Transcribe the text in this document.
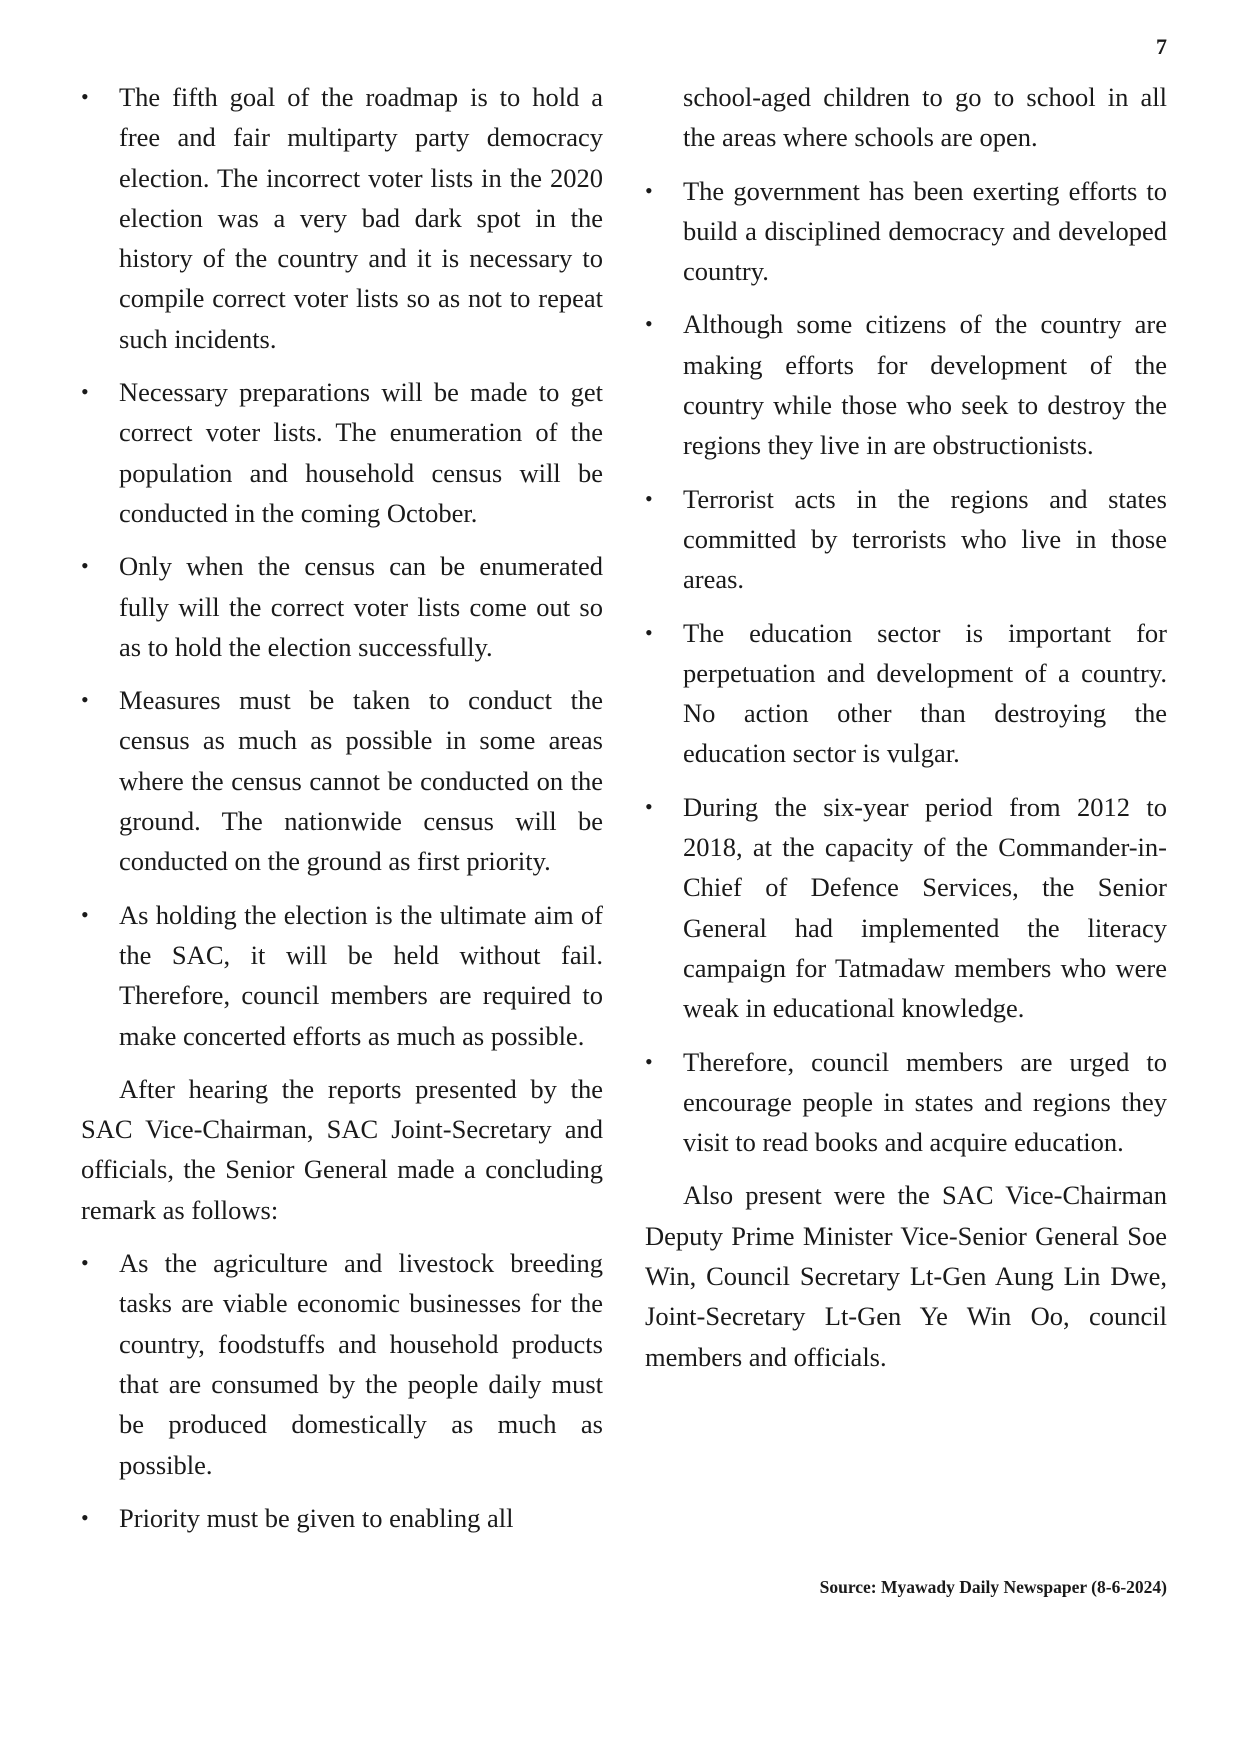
7

• The fifth goal of the roadmap is to hold a free and fair multiparty party democracy election. The incorrect voter lists in the 2020 election was a very bad dark spot in the history of the country and it is necessary to compile correct voter lists so as not to repeat such incidents.

• Necessary preparations will be made to get correct voter lists. The enumeration of the population and household census will be conducted in the coming October.

• Only when the census can be enumerated fully will the correct voter lists come out so as to hold the election successfully.

• Measures must be taken to conduct the census as much as possible in some areas where the census cannot be conducted on the ground. The nationwide census will be conducted on the ground as first priority.

• As holding the election is the ultimate aim of the SAC, it will be held without fail. Therefore, council members are required to make concerted efforts as much as possible.

After hearing the reports presented by the SAC Vice-Chairman, SAC Joint-Secretary and officials, the Senior General made a concluding remark as follows:

• As the agriculture and livestock breeding tasks are viable economic businesses for the country, foodstuffs and household products that are consumed by the people daily must be produced domestically as much as possible.

• Priority must be given to enabling all

school-aged children to go to school in all the areas where schools are open.

• The government has been exerting efforts to build a disciplined democracy and developed country.

• Although some citizens of the country are making efforts for development of the country while those who seek to destroy the regions they live in are obstructionists.

• Terrorist acts in the regions and states committed by terrorists who live in those areas.

• The education sector is important for perpetuation and development of a country. No action other than destroying the education sector is vulgar.

• During the six-year period from 2012 to 2018, at the capacity of the Commander-in-Chief of Defence Services, the Senior General had implemented the literacy campaign for Tatmadaw members who were weak in educational knowledge.

• Therefore, council members are urged to encourage people in states and regions they visit to read books and acquire education.

Also present were the SAC Vice-Chairman Deputy Prime Minister Vice-Senior General Soe Win, Council Secretary Lt-Gen Aung Lin Dwe, Joint-Secretary Lt-Gen Ye Win Oo, council members and officials.

Source: Myawady Daily Newspaper (8-6-2024)
